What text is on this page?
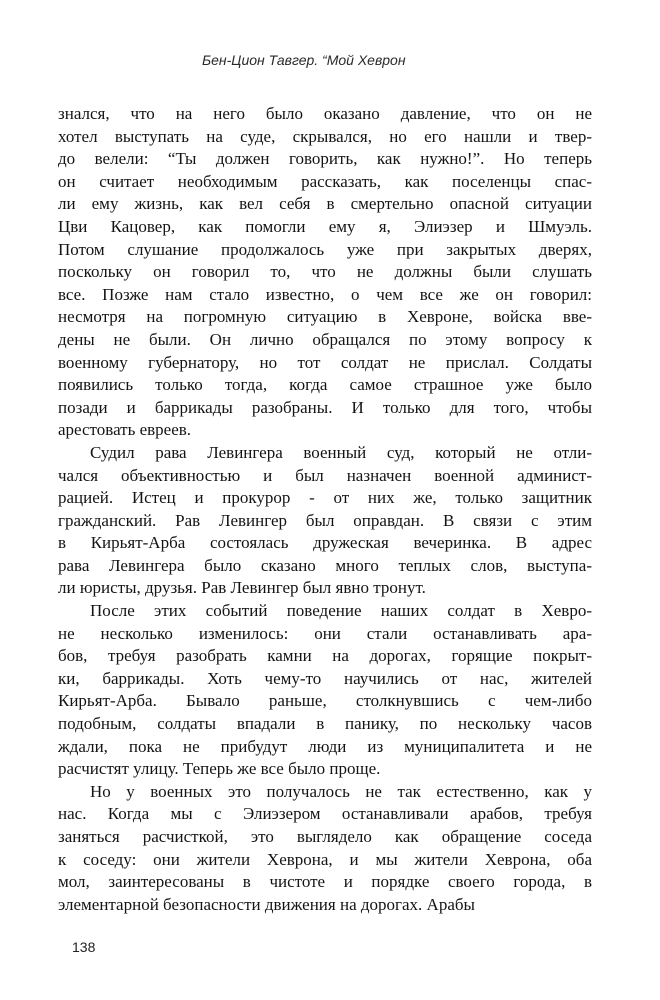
Бен-Цион Тавгер. “Мой Хеврон
знался, что на него было оказано давление, что он не
хотел выступать на суде, скрывался, но его нашли и твер-
до велели: “Ты должен говорить, как нужно!”. Но теперь
он считает необходимым рассказать, как поселенцы спас-
ли ему жизнь, как вел себя в смертельно опасной ситуации
Цви Кацовер, как помогли ему я, Элиэзер и Шмуэль.
Потом слушание продолжалось уже при закрытых дверях,
поскольку он говорил то, что не должны были слушать
все. Позже нам стало известно, о чем все же он говорил:
несмотря на погромную ситуацию в Хевроне, войска вве-
дены не были. Он лично обращался по этому вопросу к
военному губернатору, но тот солдат не прислал. Солдаты
появились только тогда, когда самое страшное уже было
позади и баррикады разобраны. И только для того, чтобы
арестовать евреев.
Судил рава Левингера военный суд, который не отли-
чался объективностью и был назначен военной админист-
рацией. Истец и прокурор - от них же, только защитник
гражданский. Рав Левингер был оправдан. В связи с этим
в Кирьят-Арба состоялась дружеская вечеринка. В адрес
рава Левингера было сказано много теплых слов, выступа-
ли юристы, друзья. Рав Левингер был явно тронут.
После этих событий поведение наших солдат в Хевро-
не несколько изменилось: они стали останавливать ара-
бов, требуя разобрать камни на дорогах, горящие покрыт-
ки, баррикады. Хоть чему-то научились от нас, жителей
Кирьят-Арба. Бывало раньше, столкнувшись с чем-либо
подобным, солдаты впадали в панику, по нескольку часов
ждали, пока не прибудут люди из муниципалитета и не
расчистят улицу. Теперь же все было проще.
Но у военных это получалось не так естественно, как у
нас. Когда мы с Элиэзером останавливали арабов, требуя
заняться расчисткой, это выглядело как обращение соседа
к соседу: они жители Хеврона, и мы жители Хеврона, оба
мол, заинтересованы в чистоте и порядке своего города, в
элементарной безопасности движения на дорогах. Арабы
138
